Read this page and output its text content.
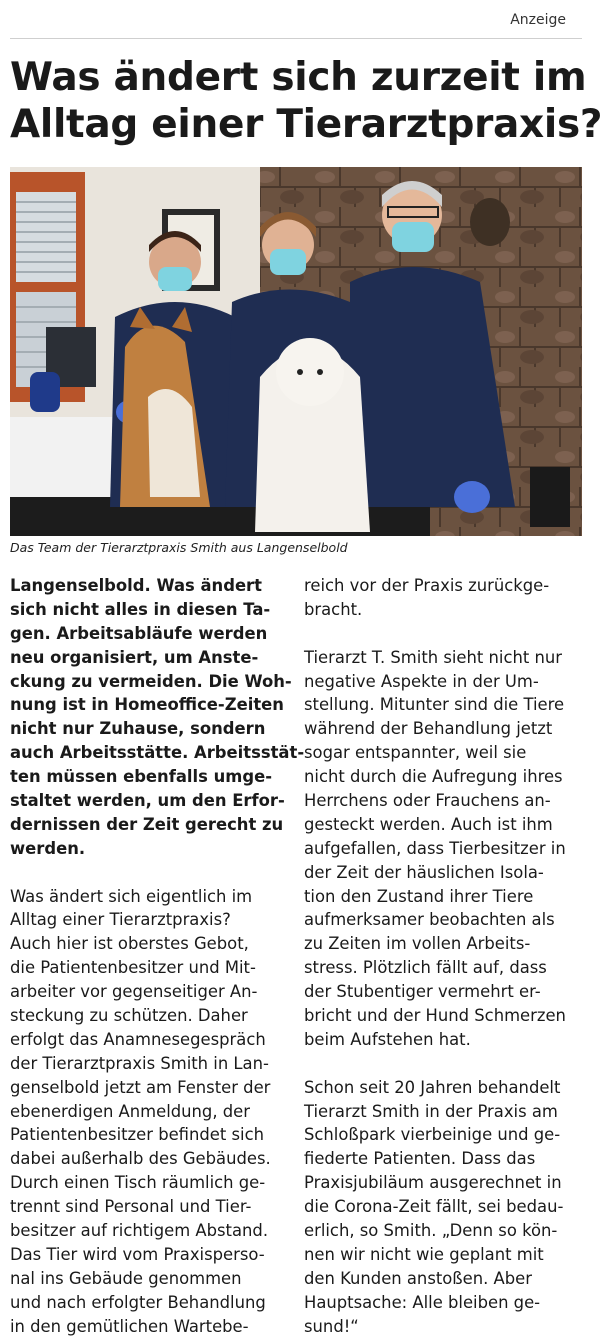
Anzeige
Was ändert sich zurzeit im
Alltag einer Tierarztpraxis?
Das Team der Tierarztpraxis Smith aus Langenselbold
Langenselbold. Was ändert
sich nicht alles in diesen Ta-
gen. Arbeitsabläufe werden
neu organisiert, um Anste-
ckung zu vermeiden. Die Woh-
nung ist in Homeoffice-Zeiten
nicht nur Zuhause, sondern
auch Arbeitsstätte. Arbeitsstät-
ten müssen ebenfalls umge-
staltet werden, um den Erfor-
dernissen der Zeit gerecht zu
werden.
Was ändert sich eigentlich im
Alltag einer Tierarztpraxis?
Auch hier ist oberstes Gebot,
die Patientenbesitzer und Mit-
arbeiter vor gegenseitiger An-
steckung zu schützen. Daher
erfolgt das Anamnesegespräch
der Tierarztpraxis Smith in Lan-
genselbold jetzt am Fenster der
ebenerdigen Anmeldung, der
Patientenbesitzer befindet sich
dabei außerhalb des Gebäudes.
Durch einen Tisch räumlich ge-
trennt sind Personal und Tier-
besitzer auf richtigem Abstand.
Das Tier wird vom Praxisperso-
nal ins Gebäude genommen
und nach erfolgter Behandlung
in den gemütlichen Wartebe-
reich vor der Praxis zurückge-
bracht.
Tierarzt T. Smith sieht nicht nur
negative Aspekte in der Um-
stellung. Mitunter sind die Tiere
während der Behandlung jetzt
sogar entspannter, weil sie
nicht durch die Aufregung ihres
Herrchens oder Frauchens an-
gesteckt werden. Auch ist ihm
aufgefallen, dass Tierbesitzer in
der Zeit der häuslichen Isola-
tion den Zustand ihrer Tiere
aufmerksamer beobachten als
zu Zeiten im vollen Arbeits-
stress. Plötzlich fällt auf, dass
der Stubentiger vermehrt er-
bricht und der Hund Schmerzen
beim Aufstehen hat.
Schon seit 20 Jahren behandelt
Tierarzt Smith in der Praxis am
Schloßpark vierbeinige und ge-
fiederte Patienten. Dass das
Praxisjubiläum ausgerechnet in
die Corona-Zeit fällt, sei bedau-
erlich, so Smith. „Denn so kön-
nen wir nicht wie geplant mit
den Kunden anstoßen. Aber
Hauptsache: Alle bleiben ge-
sund!“
